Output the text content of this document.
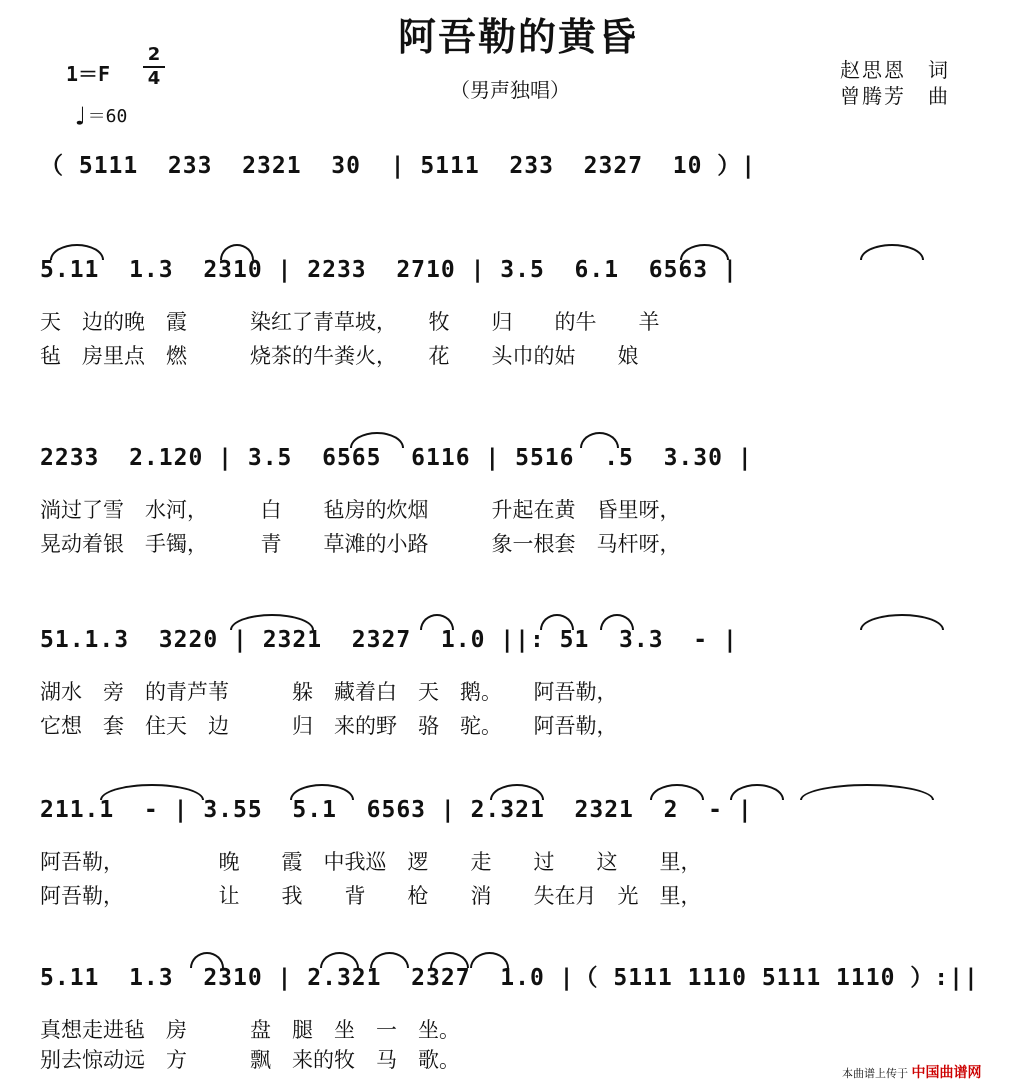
阿吾勒的黄昏
（男声独唱）
1＝F
2
4
♩＝60
赵思恩　词
曾腾芳　曲
（ 5111  233  2321  30  | 5111  233  2327  10 ）|
5.11  1.3  2310 | 2233  2710 | 3.5  6.1  6563 |
天　边的晚　霞　　　染红了青草坡，　　牧　　归　　的牛　　羊
毡　房里点　燃　　　烧茶的牛粪火，　　花　　头巾的姑　　娘
2233  2.120 | 3.5  6565  6116 | 5516  .5  3.30 |
淌过了雪　水河，　　　白　　毡房的炊烟　　　升起在黄　昏里呀，
晃动着银　手镯，　　　青　　草滩的小路　　　象一根套　马杆呀，
51.1.3  3220 | 2321  2327  1.0 ||: 51  3.3  - |
湖水　旁　的青芦苇　　　躲　藏着白　天　鹅。　　阿吾勒，
它想　套　住天　边　　　归　来的野　骆　驼。　　阿吾勒，
211.1  - | 3.55  5.1  6563 | 2.321  2321  2  - |
阿吾勒，　　　　　晚　　霞　中我巡　逻　　走　　过　　这　　里，
阿吾勒，　　　　　让　　我　　背　　枪　　消　　失在月　光　里，
5.11  1.3  2310 | 2.321  2327  1.0 |（ 5111 1110 5111 1110 ）:||
真想走进毡　房　　　盘　腿　坐　一　坐。
别去惊动远　方　　　飘　来的牧　马　歌。
本曲谱上传于 中国曲谱网
